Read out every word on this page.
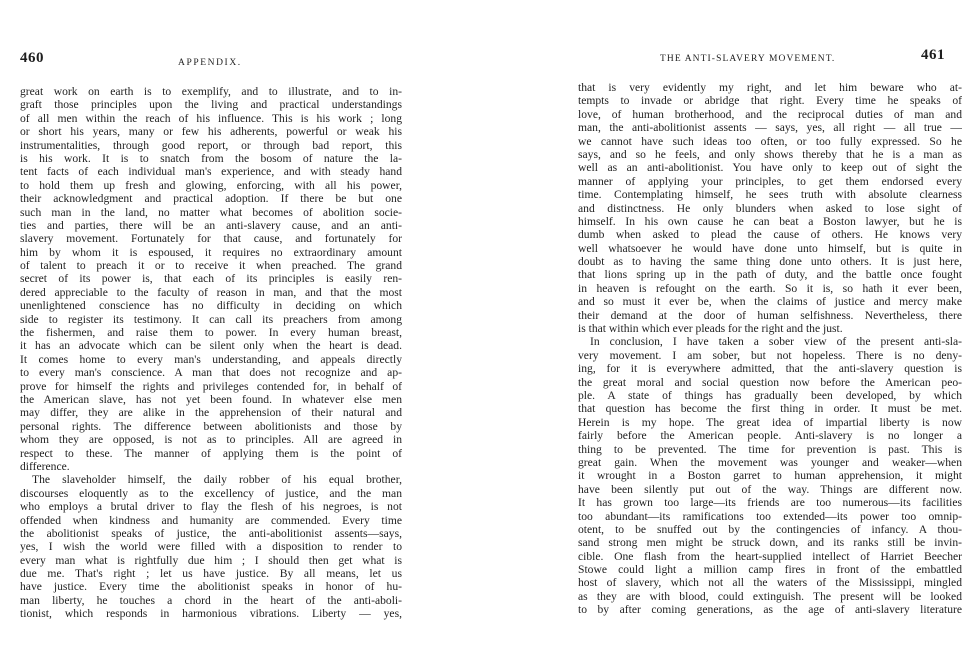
460	APPENDIX.
great work on earth is to exemplify, and to illustrate, and to in-
graft those principles upon the living and practical understandings
of all men within the reach of his influence. This is his work ; long
or short his years, many or few his adherents, powerful or weak his
instrumentalities, through good report, or through bad report, this
is his work. It is to snatch from the bosom of nature the la-
tent facts of each individual man's experience, and with steady hand
to hold them up fresh and glowing, enforcing, with all his power,
their acknowledgment and practical adoption. If there be but one
such man in the land, no matter what becomes of abolition socie-
ties and parties, there will be an anti-slavery cause, and an anti-
slavery movement. Fortunately for that cause, and fortunately for
him by whom it is espoused, it requires no extraordinary amount
of talent to preach it or to receive it when preached. The grand
secret of its power is, that each of its principles is easily ren-
dered appreciable to the faculty of reason in man, and that the most
unenlightened conscience has no difficulty in deciding on which
side to register its testimony. It can call its preachers from among
the fishermen, and raise them to power. In every human breast,
it has an advocate which can be silent only when the heart is dead.
It comes home to every man's understanding, and appeals directly
to every man's conscience. A man that does not recognize and ap-
prove for himself the rights and privileges contended for, in behalf of
the American slave, has not yet been found. In whatever else men
may differ, they are alike in the apprehension of their natural and
personal rights. The difference between abolitionists and those by
whom they are opposed, is not as to principles. All are agreed in
respect to these. The manner of applying them is the point of
difference.
The slaveholder himself, the daily robber of his equal brother,
discourses eloquently as to the excellency of justice, and the man
who employs a brutal driver to flay the flesh of his negroes, is not
offended when kindness and humanity are commended. Every time
the abolitionist speaks of justice, the anti-abolitionist assents—says,
yes, I wish the world were filled with a disposition to render to
every man what is rightfully due him ; I should then get what is
due me. That's right ; let us have justice. By all means, let us
have justice. Every time the abolitionist speaks in honor of hu-
man liberty, he touches a chord in the heart of the anti-aboli-
tionist, which responds in harmonious vibrations. Liberty — yes,
461
THE ANTI-SLAVERY MOVEMENT.
that is very evidently my right, and let him beware who at-
tempts to invade or abridge that right. Every time he speaks of
love, of human brotherhood, and the reciprocal duties of man and
man, the anti-abolitionist assents — says, yes, all right — all true —
we cannot have such ideas too often, or too fully expressed. So he
says, and so he feels, and only shows thereby that he is a man as
well as an anti-abolitionist. You have only to keep out of sight the
manner of applying your principles, to get them endorsed every
time. Contemplating himself, he sees truth with absolute clearness
and distinctness. He only blunders when asked to lose sight of
himself. In his own cause he can beat a Boston lawyer, but he is
dumb when asked to plead the cause of others. He knows very
well whatsoever he would have done unto himself, but is quite in
doubt as to having the same thing done unto others. It is just here,
that lions spring up in the path of duty, and the battle once fought
in heaven is refought on the earth. So it is, so hath it ever been,
and so must it ever be, when the claims of justice and mercy make
their demand at the door of human selfishness. Nevertheless, there
is that within which ever pleads for the right and the just.
In conclusion, I have taken a sober view of the present anti-sla-
very movement. I am sober, but not hopeless. There is no deny-
ing, for it is everywhere admitted, that the anti-slavery question is
the great moral and social question now before the American peo-
ple. A state of things has gradually been developed, by which
that question has become the first thing in order. It must be met.
Herein is my hope. The great idea of impartial liberty is now
fairly before the American people. Anti-slavery is no longer a
thing to be prevented. The time for prevention is past. This is
great gain. When the movement was younger and weaker—when
it wrought in a Boston garret to human apprehension, it might
have been silently put out of the way. Things are different now.
It has grown too large—its friends are too numerous—its facilities
too abundant—its ramifications too extended—its power too omnip-
otent, to be snuffed out by the contingencies of infancy. A thou-
sand strong men might be struck down, and its ranks still be invin-
cible. One flash from the heart-supplied intellect of Harriet Beecher
Stowe could light a million camp fires in front of the embattled
host of slavery, which not all the waters of the Mississippi, mingled
as they are with blood, could extinguish. The present will be looked
to by after coming generations, as the age of anti-slavery literature
